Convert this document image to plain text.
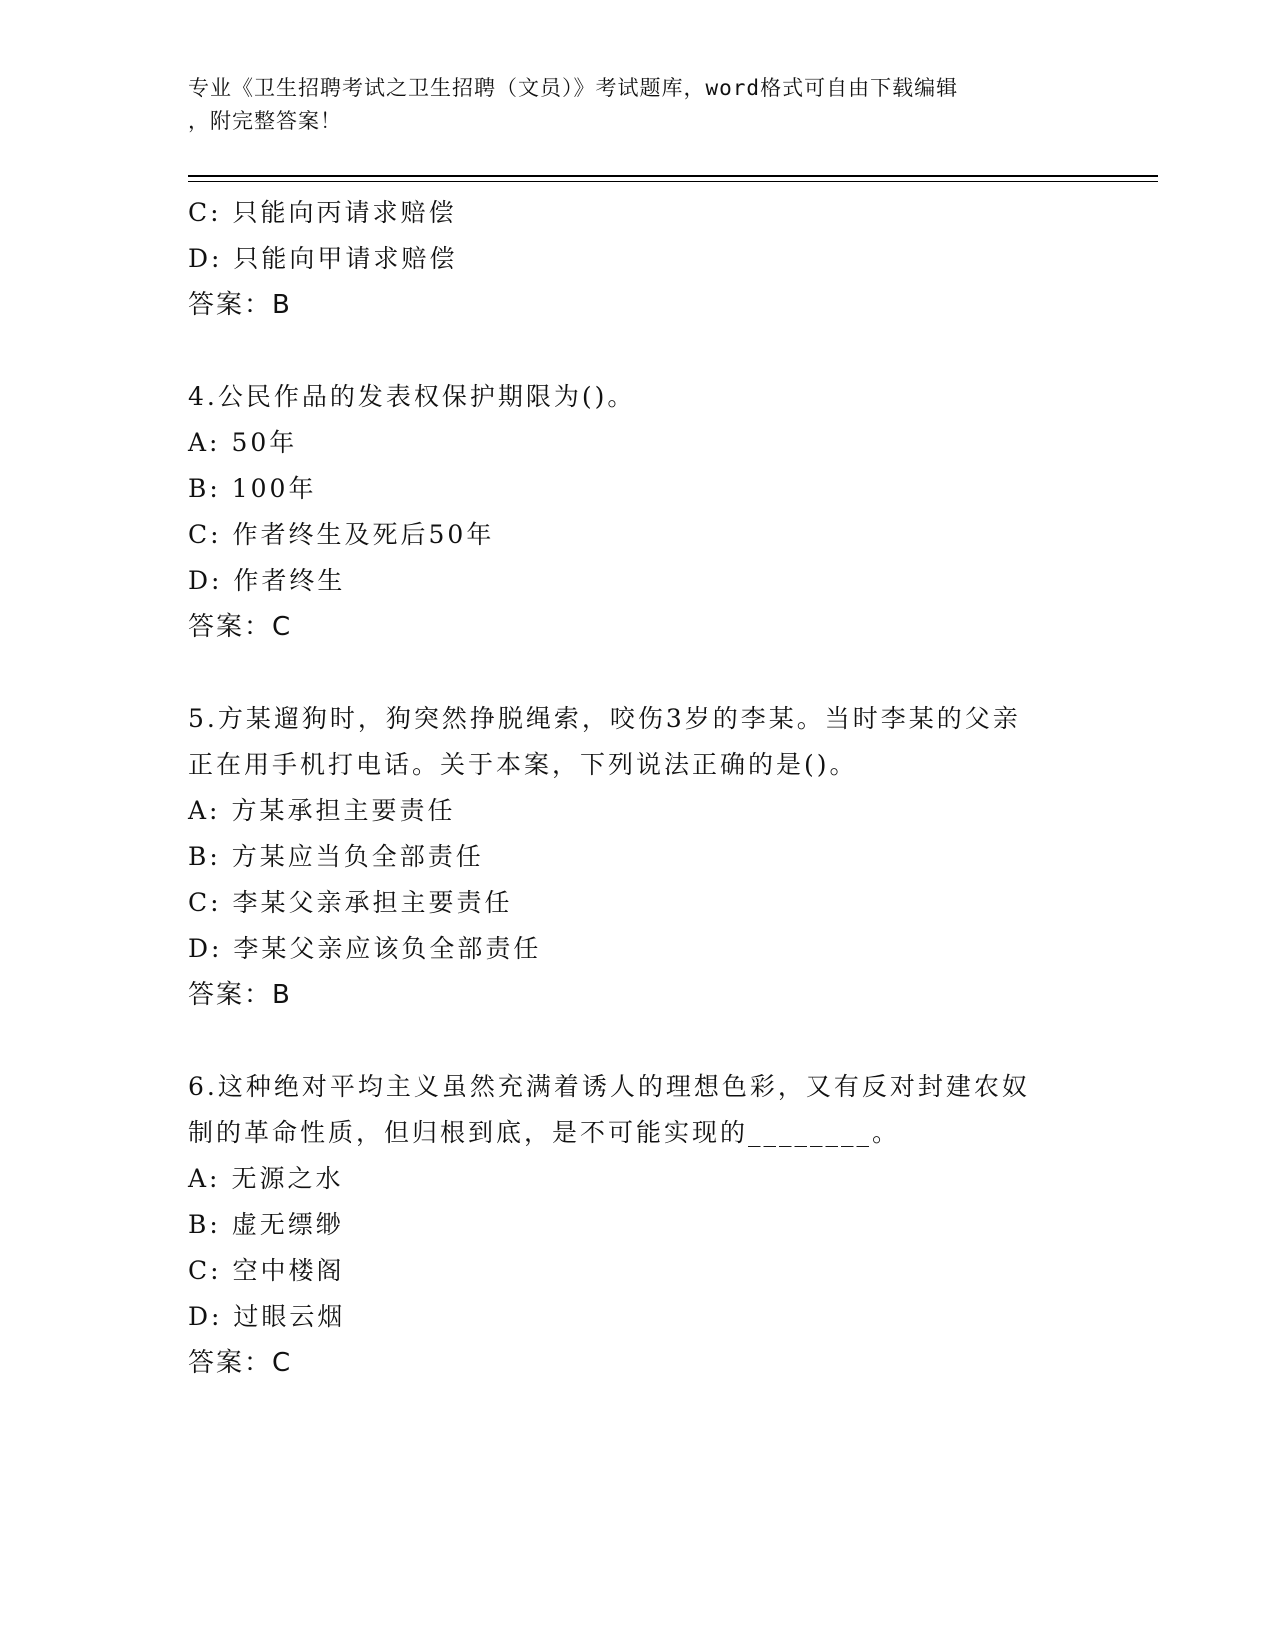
专业《卫生招聘考试之卫生招聘（文员）》考试题库，word格式可自由下载编辑
，附完整答案！
C: 只能向丙请求赔偿
D: 只能向甲请求赔偿
答案：B
4.公民作品的发表权保护期限为()。
A: 50年
B: 100年
C: 作者终生及死后50年
D: 作者终生
答案：C
5.方某遛狗时，狗突然挣脱绳索，咬伤3岁的李某。当时李某的父亲
正在用手机打电话。关于本案，下列说法正确的是()。
A: 方某承担主要责任
B: 方某应当负全部责任
C: 李某父亲承担主要责任
D: 李某父亲应该负全部责任
答案：B
6.这种绝对平均主义虽然充满着诱人的理想色彩，又有反对封建农奴
制的革命性质，但归根到底，是不可能实现的________。
A: 无源之水
B: 虚无缥缈
C: 空中楼阁
D: 过眼云烟
答案：C
